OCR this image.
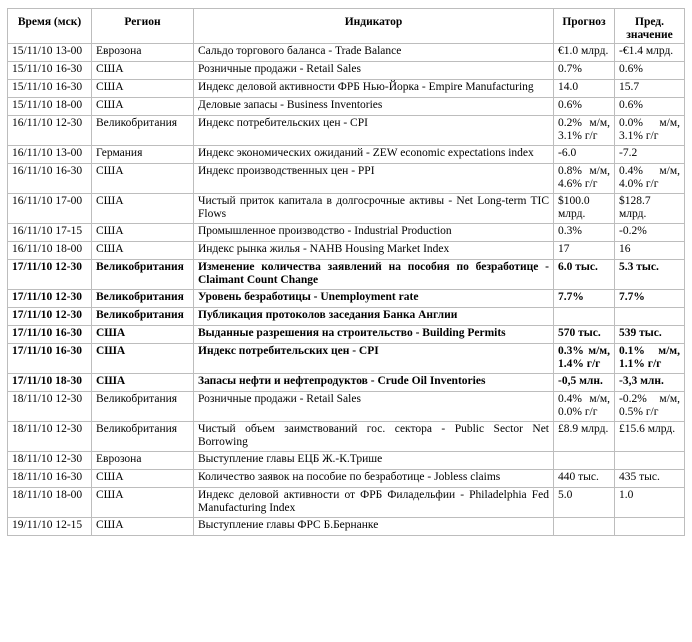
Время (мск)	Регион	Индикатор	Прогноз	Пред. значение
15/11/10 13-00	Еврозона	Сальдо торгового баланса - Trade Balance	€1.0 млрд.	-€1.4 млрд.
15/11/10 16-30	США	Розничные продажи - Retail Sales	0.7%	0.6%
15/11/10 16-30	США	Индекс деловой активности ФРБ Нью-Йорка - Empire Manufacturing	14.0	15.7
15/11/10 18-00	США	Деловые запасы - Business Inventories	0.6%	0.6%
16/11/10 12-30	Великобритания	Индекс потребительских цен - CPI	0.2% м/м, 3.1% г/г	0.0% м/м, 3.1% г/г
16/11/10 13-00	Германия	Индекс экономических ожиданий - ZEW economic expectations index	-6.0	-7.2
16/11/10 16-30	США	Индекс производственных цен - PPI	0.8% м/м, 4.6% г/г	0.4% м/м, 4.0% г/г
16/11/10 17-00	США	Чистый приток капитала в долгосрочные активы - Net Long-term TIC Flows	$100.0 млрд.	$128.7 млрд.
16/11/10 17-15	США	Промышленное производство - Industrial Production	0.3%	-0.2%
16/11/10 18-00	США	Индекс рынка жилья - NAHB Housing Market Index	17	16
17/11/10 12-30	Великобритания	Изменение количества заявлений на пособия по безработице - Claimant Count Change	6.0 тыс.	5.3 тыс.
17/11/10 12-30	Великобритания	Уровень безработицы - Unemployment rate	7.7%	7.7%
17/11/10 12-30	Великобритания	Публикация протоколов заседания Банка Англии		
17/11/10 16-30	США	Выданные разрешения на строительство - Building Permits	570 тыс.	539 тыс.
17/11/10 16-30	США	Индекс потребительских цен - CPI	0.3% м/м, 1.4% г/г	0.1% м/м, 1.1% г/г
17/11/10 18-30	США	Запасы нефти и нефтепродуктов - Crude Oil Inventories	-0,5 млн.	-3,3 млн.
18/11/10 12-30	Великобритания	Розничные продажи - Retail Sales	0.4% м/м, 0.0% г/г	-0.2% м/м, 0.5% г/г
18/11/10 12-30	Великобритания	Чистый объем заимствований гос. сектора - Public Sector Net Borrowing	£8.9 млрд.	£15.6 млрд.
18/11/10 12-30	Еврозона	Выступление главы ЕЦБ Ж.-К.Трише		
18/11/10 16-30	США	Количество заявок на пособие по безработице - Jobless claims	440 тыс.	435 тыс.
18/11/10 18-00	США	Индекс деловой активности от ФРБ Филадельфии - Philadelphia Fed Manufacturing Index	5.0	1.0
19/11/10 12-15	США	Выступление главы ФРС Б.Бернанке		
